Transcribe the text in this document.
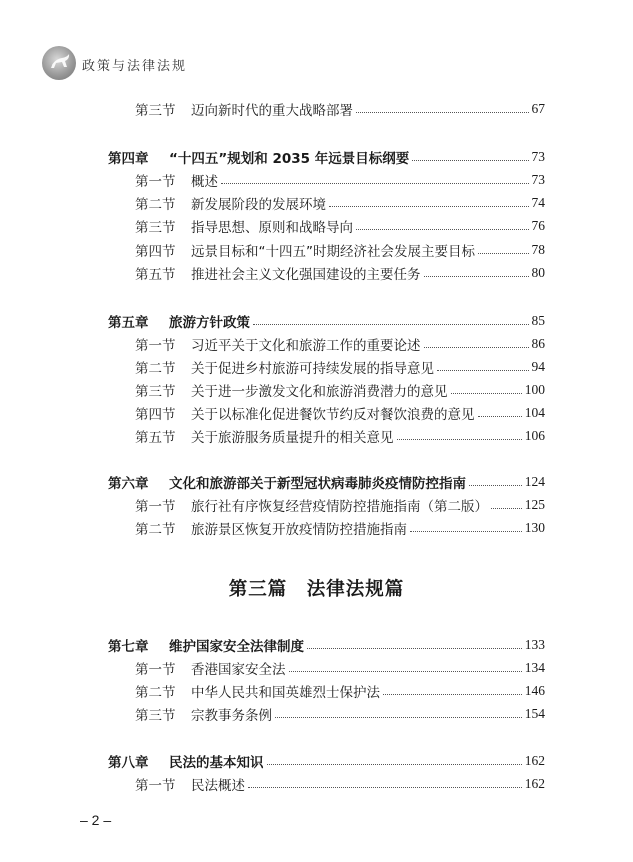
政策与法律法规
第三节	迈向新时代的重大战略部署	67
第四章	“十四五”规划和 2035 年远景目标纲要	73
第一节	概述	73
第二节	新发展阶段的发展环境	74
第三节	指导思想、原则和战略导向	76
第四节	远景目标和“十四五”时期经济社会发展主要目标	78
第五节	推进社会主义文化强国建设的主要任务	80
第五章	旅游方针政策	85
第一节	习近平关于文化和旅游工作的重要论述	86
第二节	关于促进乡村旅游可持续发展的指导意见	94
第三节	关于进一步激发文化和旅游消费潜力的意见	100
第四节	关于以标准化促进餐饮节约反对餐饮浪费的意见	104
第五节	关于旅游服务质量提升的相关意见	106
第六章	文化和旅游部关于新型冠状病毒肺炎疫情防控指南	124
第一节	旅行社有序恢复经营疫情防控措施指南（第二版）	125
第二节	旅游景区恢复开放疫情防控措施指南	130
第三篇　法律法规篇
第七章	维护国家安全法律制度	133
第一节	香港国家安全法	134
第二节	中华人民共和国英雄烈士保护法	146
第三节	宗教事务条例	154
第八章	民法的基本知识	162
第一节	民法概述	162
– 2 –
